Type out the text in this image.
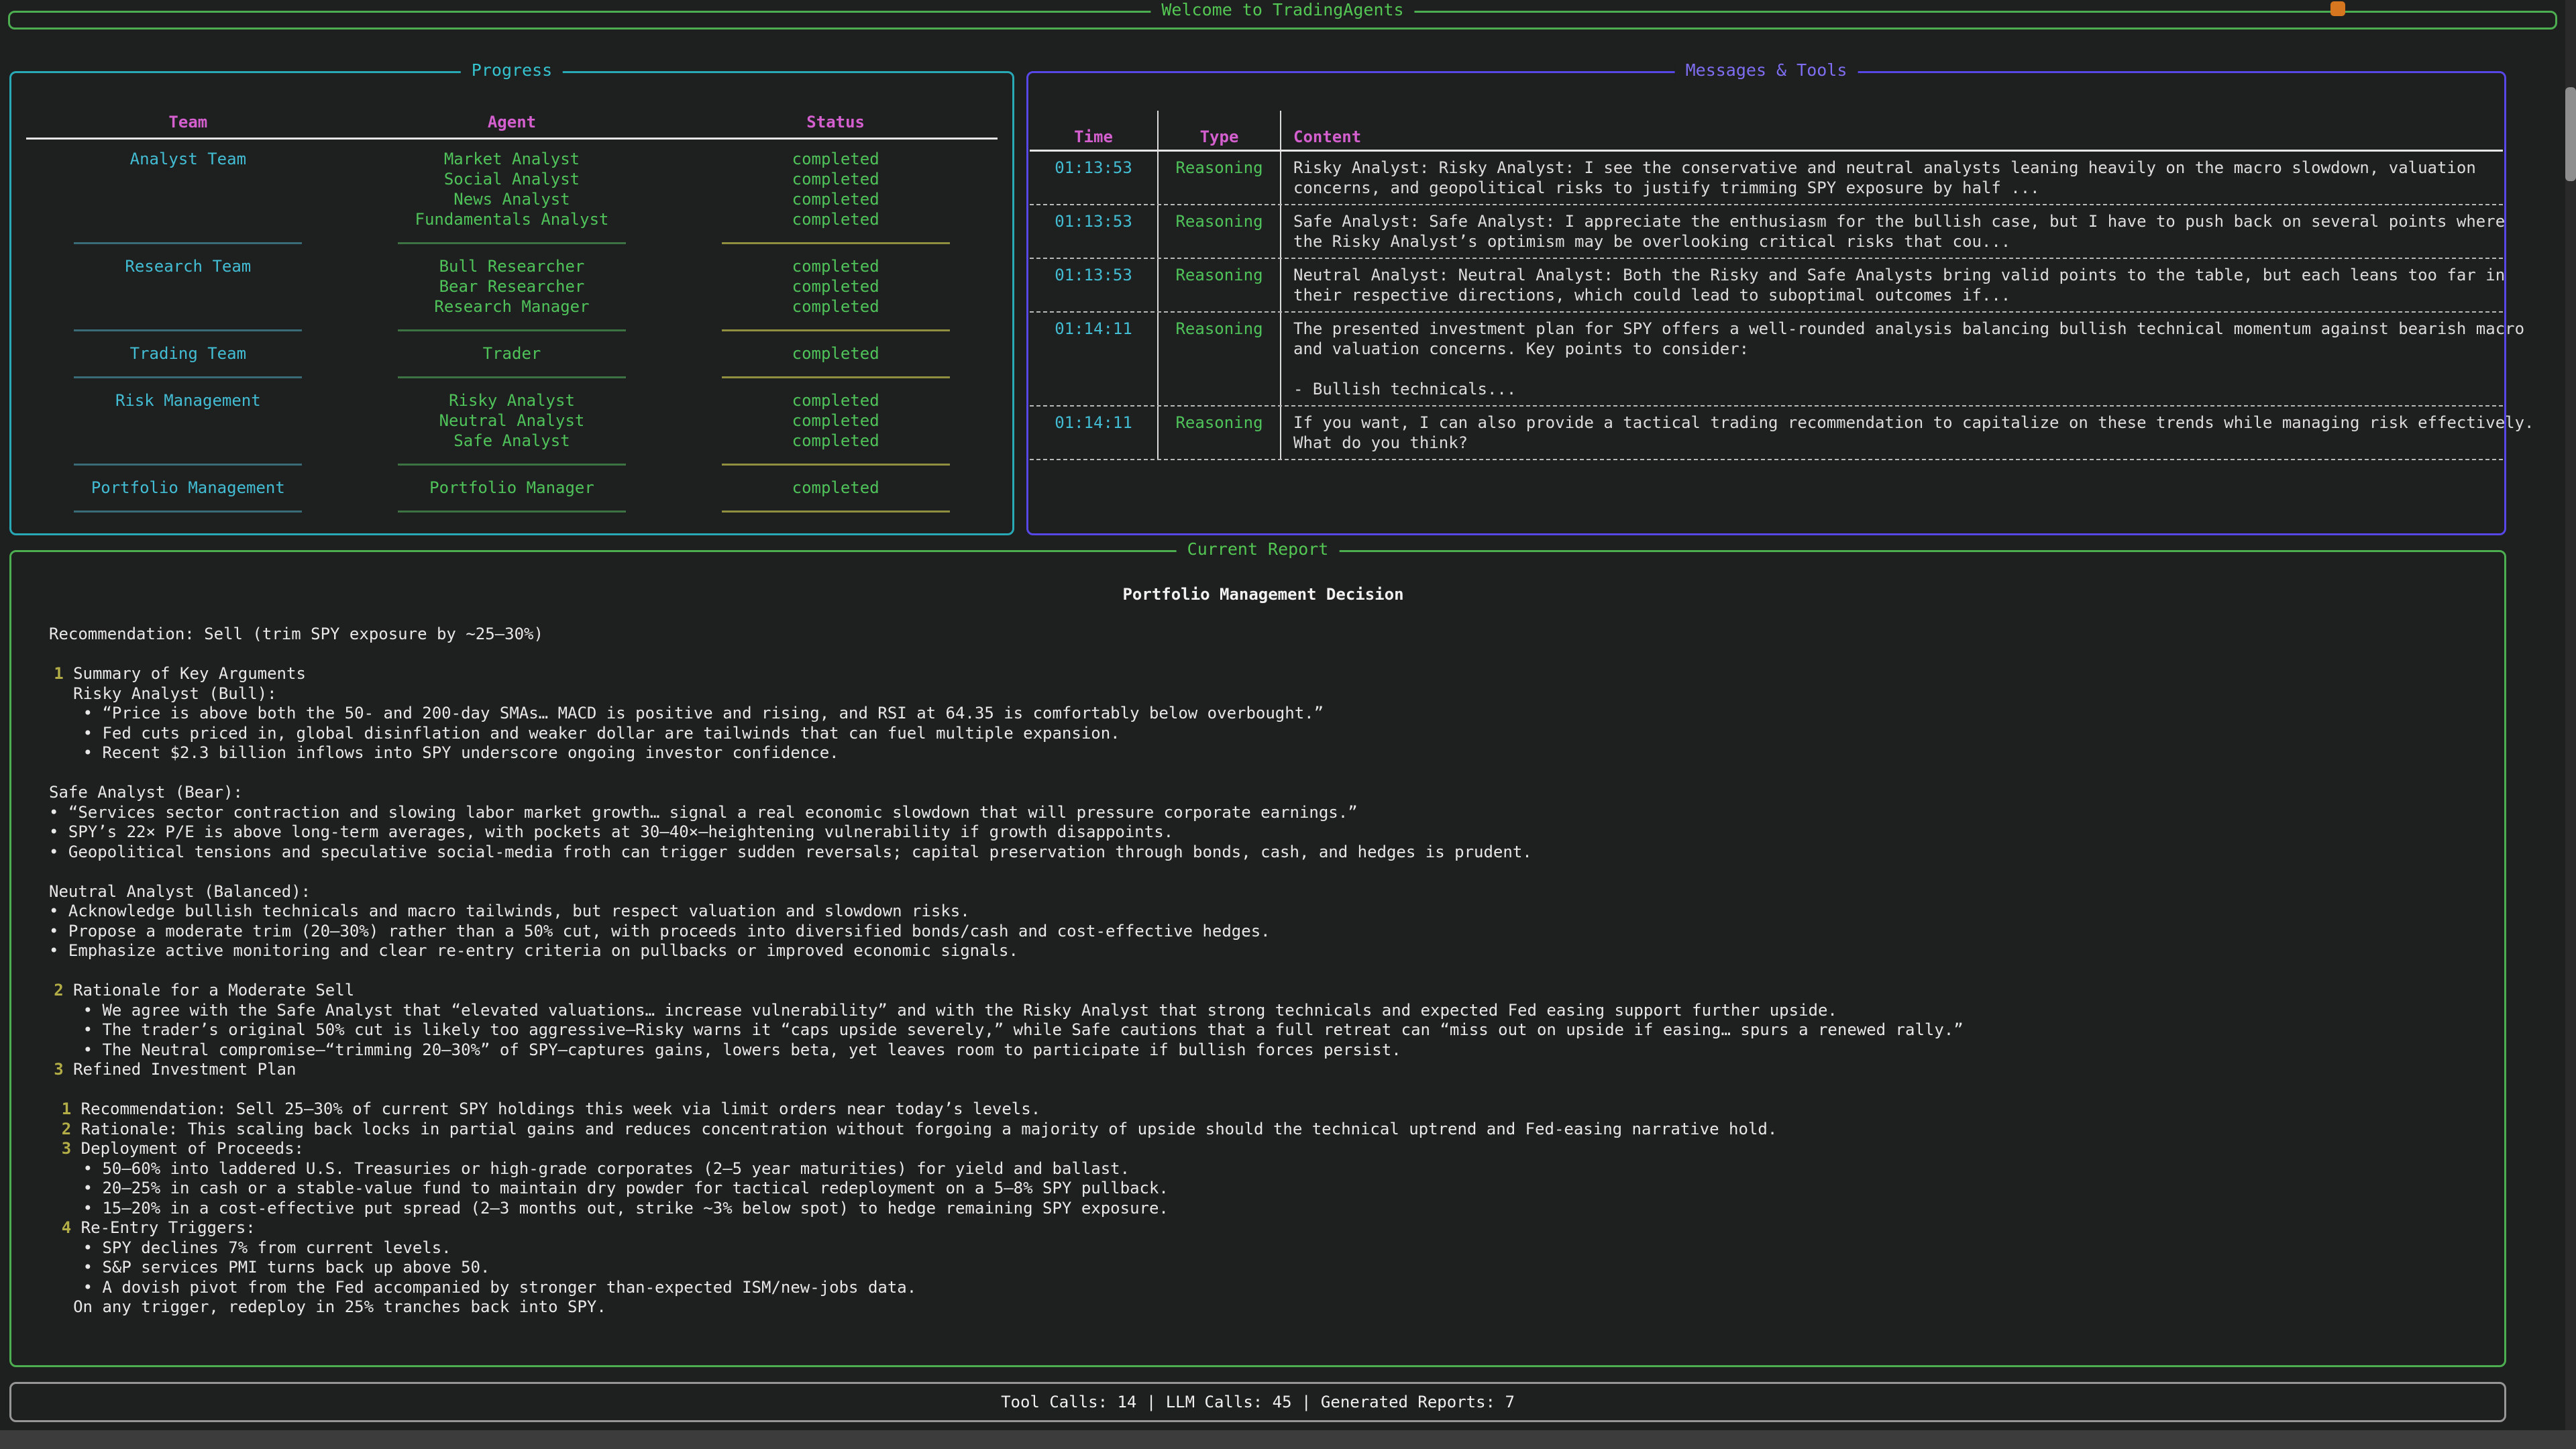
Welcome to TradingAgents
Progress
Team	Agent	Status
Analyst Team	Market Analyst	completed
Social Analyst	completed
News Analyst	completed
Fundamentals Analyst	completed
Research Team	Bull Researcher	completed
Bear Researcher	completed
Research Manager	completed
Trading Team	Trader	completed
Risk Management	Risky Analyst	completed
Neutral Analyst	completed
Safe Analyst	completed
Portfolio Management	Portfolio Manager	completed
Messages & Tools
Time	Type	Content
01:13:53	Reasoning	Risky Analyst: Risky Analyst: I see the conservative and neutral analysts leaning heavily on the macro slowdown, valuation
concerns, and geopolitical risks to justify trimming SPY exposure by half ...
01:13:53	Reasoning	Safe Analyst: Safe Analyst: I appreciate the enthusiasm for the bullish case, but I have to push back on several points where
the Risky Analyst’s optimism may be overlooking critical risks that cou...
01:13:53	Reasoning	Neutral Analyst: Neutral Analyst: Both the Risky and Safe Analysts bring valid points to the table, but each leans too far in
their respective directions, which could lead to suboptimal outcomes if...
01:14:11	Reasoning	The presented investment plan for SPY offers a well-rounded analysis balancing bullish technical momentum against bearish macro
and valuation concerns. Key points to consider:

- Bullish technicals...
01:14:11	Reasoning	If you want, I can also provide a tactical trading recommendation to capitalize on these trends while managing risk effectively.
What do you think?
Current Report
Portfolio Management Decision
Recommendation: Sell (trim SPY exposure by ~25–30%)

1 Summary of Key Arguments
Risky Analyst (Bull):
• “Price is above both the 50- and 200-day SMAs… MACD is positive and rising, and RSI at 64.35 is comfortably below overbought.”
• Fed cuts priced in, global disinflation and weaker dollar are tailwinds that can fuel multiple expansion.
• Recent $2.3 billion inflows into SPY underscore ongoing investor confidence.

Safe Analyst (Bear):
• “Services sector contraction and slowing labor market growth… signal a real economic slowdown that will pressure corporate earnings.”
• SPY’s 22× P/E is above long-term averages, with pockets at 30–40×—heightening vulnerability if growth disappoints.
• Geopolitical tensions and speculative social-media froth can trigger sudden reversals; capital preservation through bonds, cash, and hedges is prudent.

Neutral Analyst (Balanced):
• Acknowledge bullish technicals and macro tailwinds, but respect valuation and slowdown risks.
• Propose a moderate trim (20–30%) rather than a 50% cut, with proceeds into diversified bonds/cash and cost-effective hedges.
• Emphasize active monitoring and clear re-entry criteria on pullbacks or improved economic signals.

2 Rationale for a Moderate Sell
• We agree with the Safe Analyst that “elevated valuations… increase vulnerability” and with the Risky Analyst that strong technicals and expected Fed easing support further upside.
• The trader’s original 50% cut is likely too aggressive—Risky warns it “caps upside severely,” while Safe cautions that a full retreat can “miss out on upside if easing… spurs a renewed rally.”
• The Neutral compromise—“trimming 20–30%” of SPY—captures gains, lowers beta, yet leaves room to participate if bullish forces persist.
3 Refined Investment Plan

1 Recommendation: Sell 25–30% of current SPY holdings this week via limit orders near today’s levels.
2 Rationale: This scaling back locks in partial gains and reduces concentration without forgoing a majority of upside should the technical uptrend and Fed-easing narrative hold.
3 Deployment of Proceeds:
• 50–60% into laddered U.S. Treasuries or high-grade corporates (2–5 year maturities) for yield and ballast.
• 20–25% in cash or a stable-value fund to maintain dry powder for tactical redeployment on a 5–8% SPY pullback.
• 15–20% in a cost-effective put spread (2–3 months out, strike ~3% below spot) to hedge remaining SPY exposure.
4 Re-Entry Triggers:
• SPY declines 7% from current levels.
• S&P services PMI turns back up above 50.
• A dovish pivot from the Fed accompanied by stronger than-expected ISM/new-jobs data.
On any trigger, redeploy in 25% tranches back into SPY.
Tool Calls: 14 | LLM Calls: 45 | Generated Reports: 7
